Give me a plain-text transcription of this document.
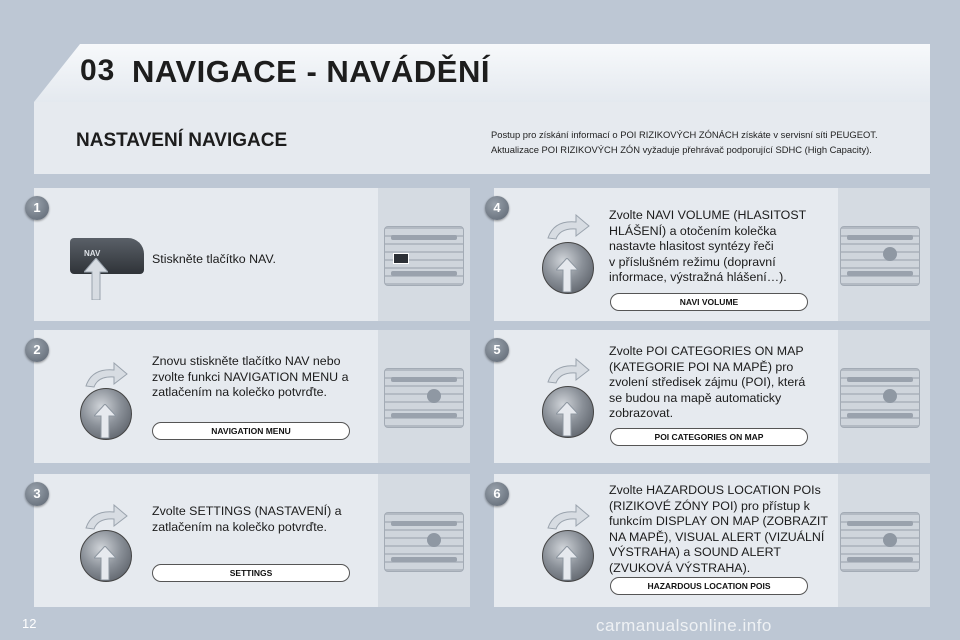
03 NAVIGACE - NAVÁDĚNÍ
NASTAVENÍ NAVIGACE	Postup pro získání informací o POI RIZIKOVÝCH ZÓNÁCH získáte v servisní síti PEUGEOT.
Aktualizace POI RIZIKOVÝCH ZÓN vyžaduje přehrávač podporující SDHC (High Capacity).
1
NAV	Stiskněte tlačítko NAV.
2
Znovu stiskněte tlačítko NAV nebo
zvolte funkci NAVIGATION MENU a
zatlačením na kolečko potvrďte.
NAVIGATION MENU
3
Zvolte SETTINGS (NASTAVENÍ) a
zatlačením na kolečko potvrďte.
SETTINGS
4	Zvolte NAVI VOLUME (HLASITOST
HLÁŠENÍ) a otočením kolečka
nastavte hlasitost syntézy řeči
v příslušném režimu (dopravní
informace, výstražná hlášení…).
NAVI VOLUME
5	Zvolte POI CATEGORIES ON MAP
(KATEGORIE POI NA MAPĚ) pro
zvolení středisek zájmu (POI), která
se budou na mapě automaticky
zobrazovat.
POI CATEGORIES ON MAP
6	Zvolte HAZARDOUS LOCATION POIs
(RIZIKOVÉ ZÓNY POI) pro přístup k
funkcím DISPLAY ON MAP (ZOBRAZIT
NA MAPĚ), VISUAL ALERT (VIZUÁLNÍ
VÝSTRAHA) a SOUND ALERT
(ZVUKOVÁ VÝSTRAHA).
HAZARDOUS LOCATION POIS
12	carmanualsonline.info
